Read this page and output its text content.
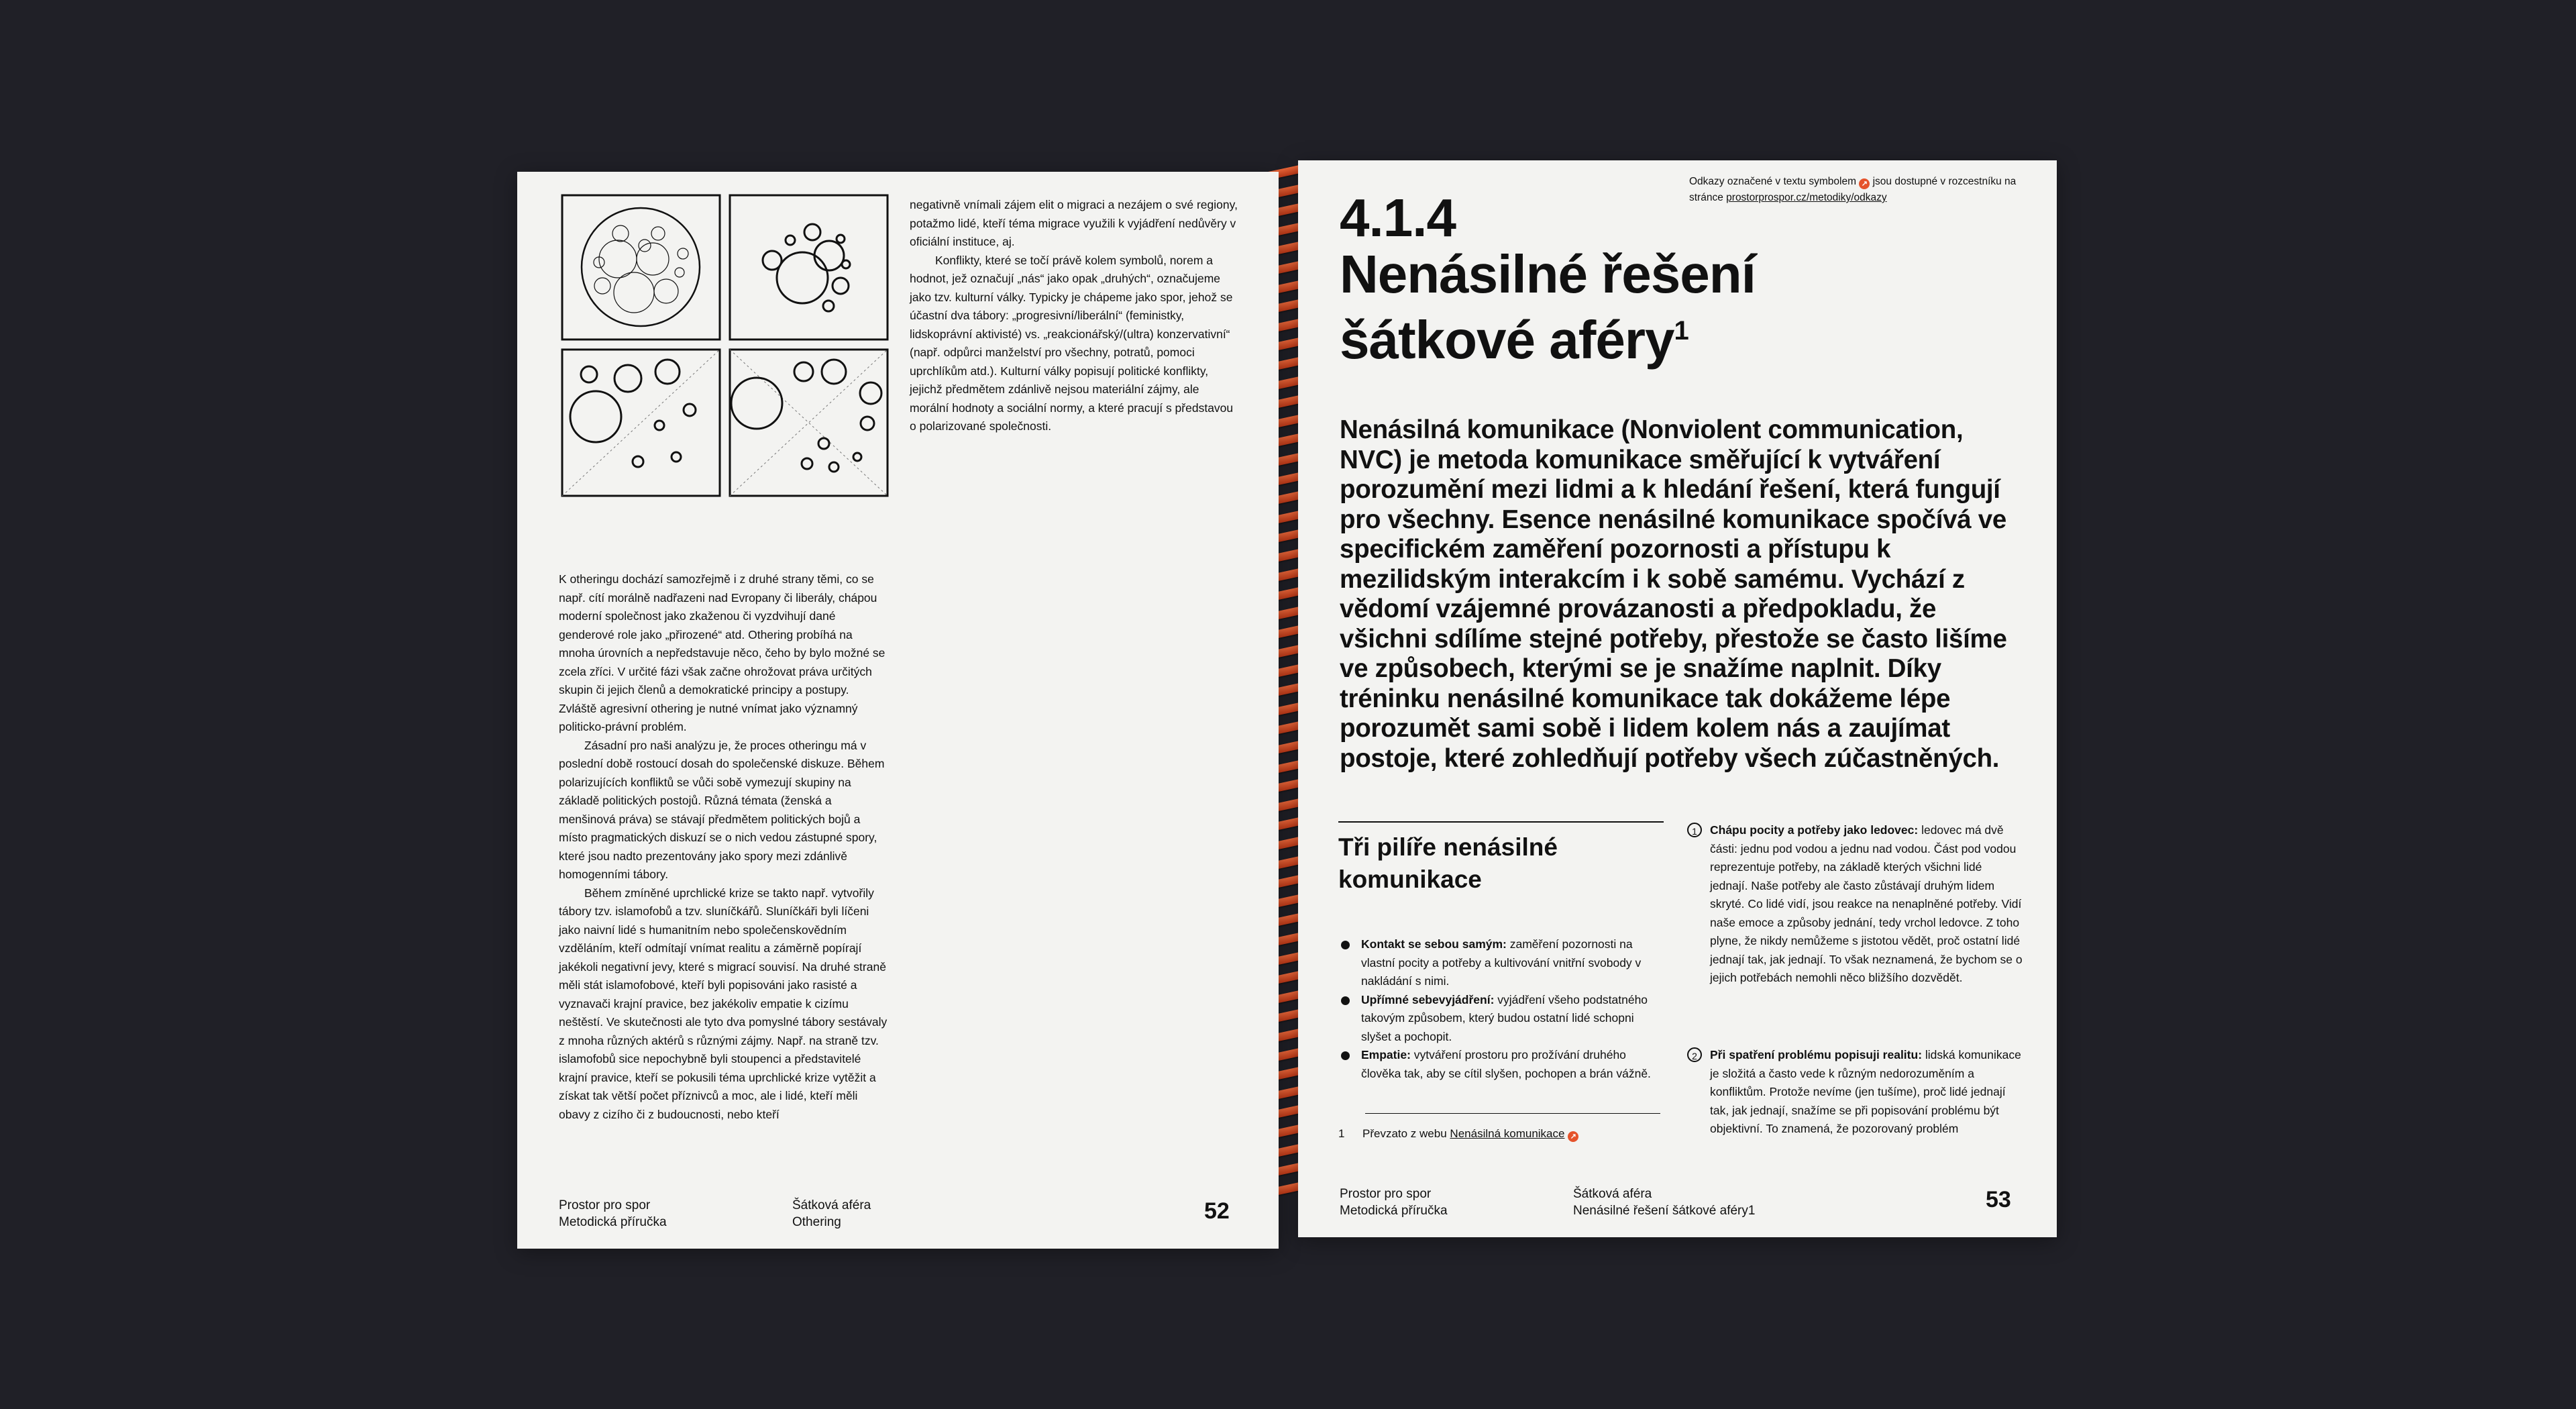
negativně vnímali zájem elit o migraci a nezájem o své regiony, potažmo lidé, kteří téma migrace využili k vyjádření nedůvěry v oficiální instituce, aj.

Konflikty, které se točí právě kolem symbolů, norem a hodnot, jež označují „nás“ jako opak „druhých“, označujeme jako tzv. kulturní války. Typicky je chápeme jako spor, jehož se účastní dva tábory: „progresivní/liberální“ (feministky, lidskoprávní aktivisté) vs. „reakcionářský/(ultra) konzervativní“ (např. odpůrci manželství pro všechny, potratů, pomoci uprchlíkům atd.). Kulturní války popisují politické konflikty, jejichž předmětem zdánlivě nejsou materiální zájmy, ale morální hodnoty a sociální normy, a které pracují s představou o polarizované společnosti.

K otheringu dochází samozřejmě i z druhé strany těmi, co se např. cítí morálně nadřazeni nad Evropany či liberály, chápou moderní společnost jako zkaženou či vyzdvihují dané genderové role jako „přirozené“ atd. Othering probíhá na mnoha úrovních a nepředstavuje něco, čeho by bylo možné se zcela zříci. V určité fázi však začne ohrožovat práva určitých skupin či jejich členů a demokratické principy a postupy. Zvláště agresivní othering je nutné vnímat jako významný politicko-právní problém.

Zásadní pro naši analýzu je, že proces otheringu má v poslední době rostoucí dosah do společenské diskuze. Během polarizujících konfliktů se vůči sobě vymezují skupiny na základě politických postojů. Různá témata (ženská a menšinová práva) se stávají předmětem politických bojů a místo pragmatických diskuzí se o nich vedou zástupné spory, které jsou nadto prezentovány jako spory mezi zdánlivě homogenními tábory.

Během zmíněné uprchlické krize se takto např. vytvořily tábory tzv. islamofobů a tzv. sluníčkářů. Sluníčkáři byli líčeni jako naivní lidé s humanitním nebo společenskovědním vzděláním, kteří odmítají vnímat realitu a záměrně popírají jakékoli negativní jevy, které s migrací souvisí. Na druhé straně měli stát islamofobové, kteří byli popisováni jako rasisté a vyznavači krajní pravice, bez jakékoliv empatie k cizímu neštěstí. Ve skutečnosti ale tyto dva pomyslné tábory sestávaly z mnoha různých aktérů s různými zájmy. Např. na straně tzv. islamofobů sice nepochybně byli stoupenci a představitelé krajní pravice, kteří se pokusili téma uprchlické krize vytěžit a získat tak větší počet příznivců a moc, ale i lidé, kteří měli obavy z cizího či z budoucnosti, nebo kteří

Prostor pro spor
Metodická příručka
Šátková aféra
Othering	52
Odkazy označené v textu symbolem ↗ jsou dostupné v rozcestníku na stránce prostorprospor.cz/metodiky/odkazy
4.1.4
Nenásilné řešení
šátkové aféry$^1$
Nenásilná komunikace (Nonviolent communication, NVC) je metoda komunikace směřující k vytváření porozumění mezi lidmi a k hledání řešení, která fungují pro všechny. Esence nenásilné komunikace spočívá ve specifickém zaměření pozornosti a přístupu k mezilidským interakcím i k sobě samému. Vychází z vědomí vzájemné provázanosti a předpokladu, že všichni sdílíme stejné potřeby, přestože se často lišíme ve způsobech, kterými se je snažíme naplnit. Díky tréninku nenásilné komunikace tak dokážeme lépe porozumět sami sobě i lidem kolem nás a zaujímat postoje, které zohledňují potřeby všech zúčastněných.
Tři pilíře nenásilné komunikace
Kontakt se sebou samým: zaměření pozornosti na vlastní pocity a potřeby a kultivování vnitřní svobody v nakládání s nimi.
Upřímné sebevyjádření: vyjádření všeho podstatného takovým způsobem, který budou ostatní lidé schopni slyšet a pochopit.
Empatie: vytváření prostoru pro prožívání druhého člověka tak, aby se cítil slyšen, pochopen a brán vážně.
1 Převzato z webu Nenásilná komunikace ↗
1	Chápu pocity a potřeby jako ledovec: ledovec má dvě části: jednu pod vodou a jednu nad vodou. Část pod vodou reprezentuje potřeby, na základě kterých všichni lidé jednají. Naše potřeby ale často zůstávají druhým lidem skryté. Co lidé vidí, jsou reakce na nenaplněné potřeby. Vidí naše emoce a způsoby jednání, tedy vrchol ledovce. Z toho plyne, že nikdy nemůžeme s jistotou vědět, proč ostatní lidé jednají tak, jak jednají. To však neznamená, že bychom se o jejich potřebách nemohli něco bližšího dozvědět.
2	Při spatření problému popisuji realitu: lidská komunikace je složitá a často vede k různým nedorozuměním a konfliktům. Protože nevíme (jen tušíme), proč lidé jednají tak, jak jednají, snažíme se při popisování problému být objektivní. To znamená, že pozorovaný problém
Prostor pro spor
Metodická příručka
Šátková aféra
Nenásilné řešení šátkové aféry1	53
